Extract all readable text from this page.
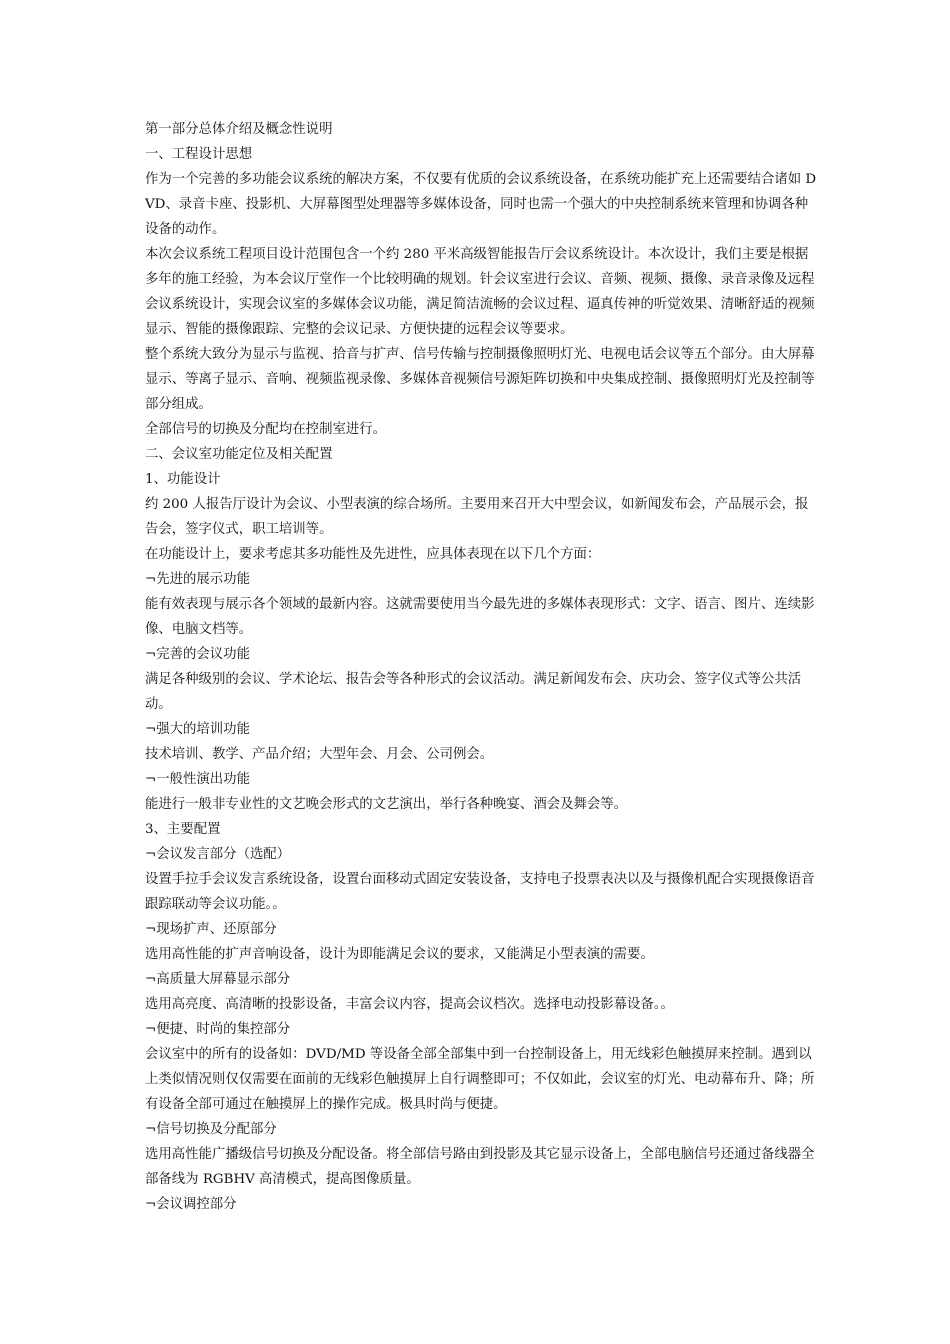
第一部分总体介绍及概念性说明

一、工程设计思想

作为一个完善的多功能会议系统的解决方案，不仅要有优质的会议系统设备，在系统功能扩充上还需要结合诸如 DVD、录音卡座、投影机、大屏幕图型处理器等多媒体设备，同时也需一个强大的中央控制系统来管理和协调各种设备的动作。

本次会议系统工程项目设计范围包含一个约 280 平米高级智能报告厅会议系统设计。本次设计，我们主要是根据多年的施工经验，为本会议厅堂作一个比较明确的规划。针会议室进行会议、音频、视频、摄像、录音录像及远程会议系统设计，实现会议室的多媒体会议功能，满足简洁流畅的会议过程、逼真传神的听觉效果、清晰舒适的视频显示、智能的摄像跟踪、完整的会议记录、方便快捷的远程会议等要求。

整个系统大致分为显示与监视、拾音与扩声、信号传输与控制摄像照明灯光、电视电话会议等五个部分。由大屏幕显示、等离子显示、音响、视频监视录像、多媒体音视频信号源矩阵切换和中央集成控制、摄像照明灯光及控制等部分组成。

全部信号的切换及分配均在控制室进行。

二、会议室功能定位及相关配置

1、功能设计

约 200 人报告厅设计为会议、小型表演的综合场所。主要用来召开大中型会议，如新闻发布会，产品展示会，报告会，签字仪式，职工培训等。

在功能设计上，要求考虑其多功能性及先进性，应具体表现在以下几个方面：

¬先进的展示功能

能有效表现与展示各个领域的最新内容。这就需要使用当今最先进的多媒体表现形式：文字、语言、图片、连续影像、电脑文档等。

¬完善的会议功能

满足各种级别的会议、学术论坛、报告会等各种形式的会议活动。满足新闻发布会、庆功会、签字仪式等公共活动。

¬强大的培训功能

技术培训、教学、产品介绍；大型年会、月会、公司例会。

¬一般性演出功能

能进行一般非专业性的文艺晚会形式的文艺演出，举行各种晚宴、酒会及舞会等。

3、主要配置

¬会议发言部分（选配）

设置手拉手会议发言系统设备，设置台面移动式固定安装设备，支持电子投票表决以及与摄像机配合实现摄像语音跟踪联动等会议功能。。

¬现场扩声、还原部分

选用高性能的扩声音响设备，设计为即能满足会议的要求，又能满足小型表演的需要。

¬高质量大屏幕显示部分

选用高亮度、高清晰的投影设备，丰富会议内容，提高会议档次。选择电动投影幕设备。。

¬便捷、时尚的集控部分

会议室中的所有的设备如：DVD/MD 等设备全部全部集中到一台控制设备上，用无线彩色触摸屏来控制。遇到以上类似情况则仅仅需要在面前的无线彩色触摸屏上自行调整即可；不仅如此，会议室的灯光、电动幕布升、降；所有设备全部可通过在触摸屏上的操作完成。极具时尚与便捷。

¬信号切换及分配部分

选用高性能广播级信号切换及分配设备。将全部信号路由到投影及其它显示设备上，全部电脑信号还通过备线器全部备线为 RGBHV 高清模式，提高图像质量。

¬会议调控部分
